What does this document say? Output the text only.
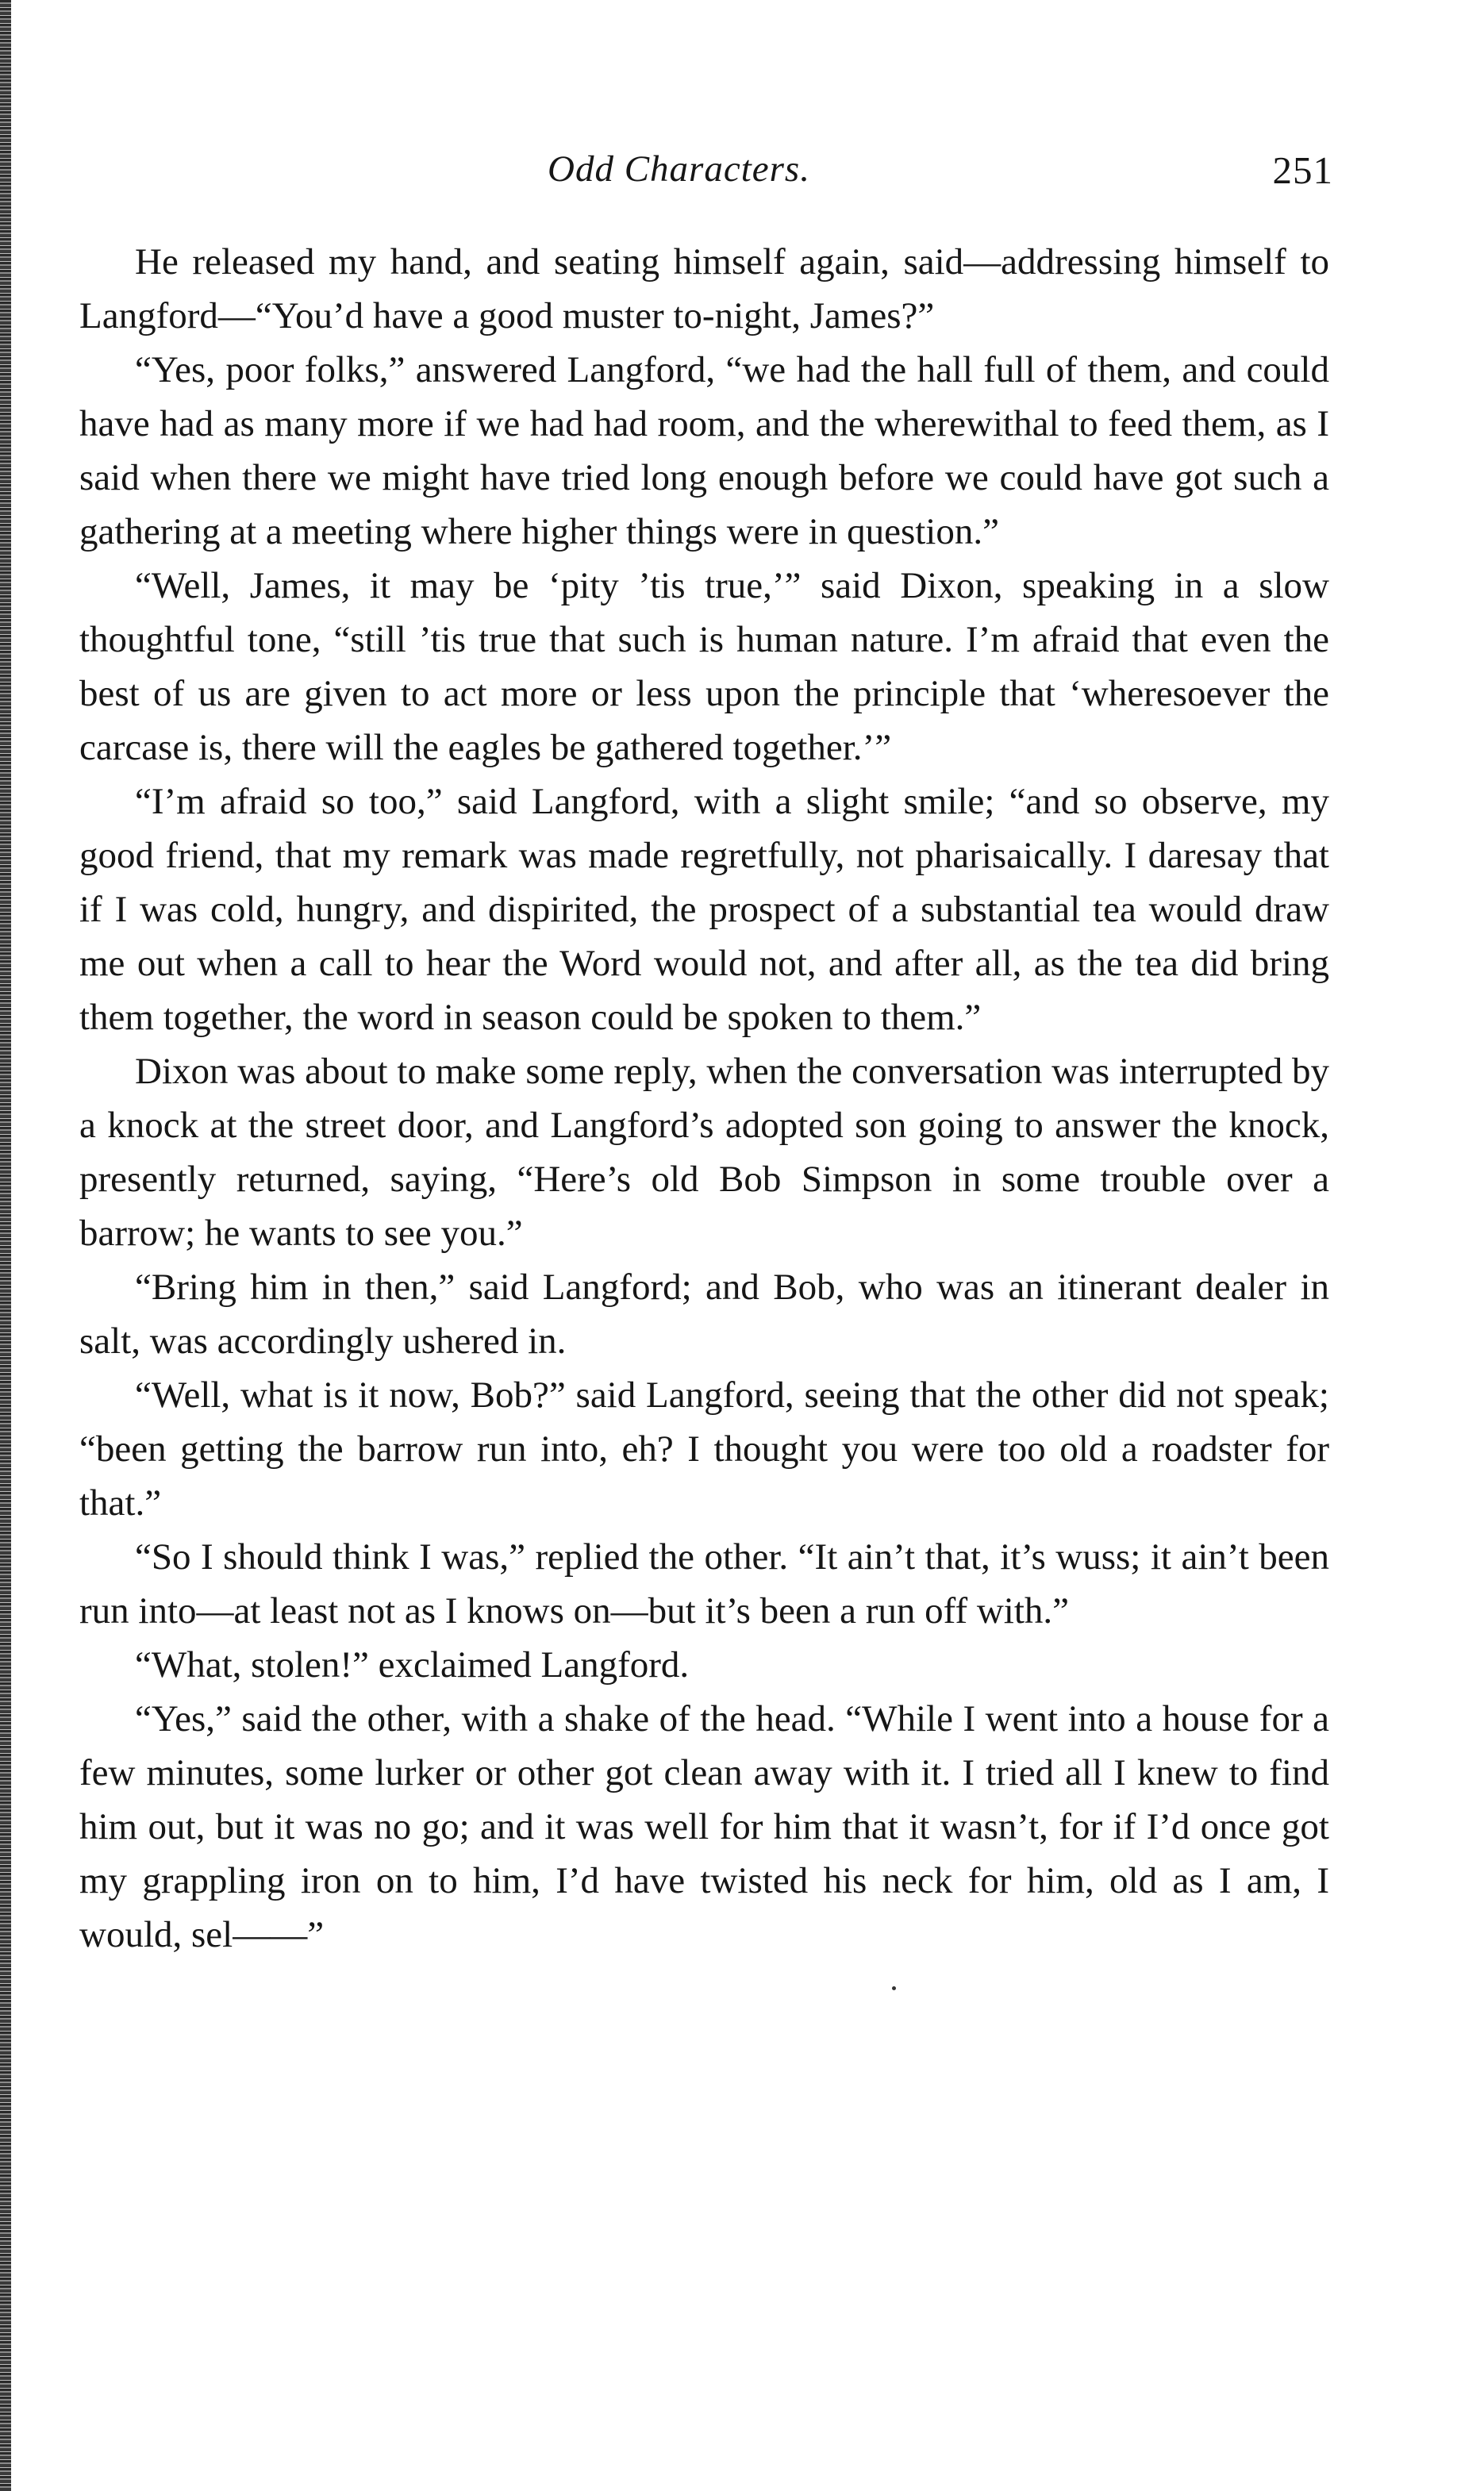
Odd Characters.	251

He released my hand, and seating himself again, said—addressing himself to Langford—“You’d have a good muster to-night, James?”

“Yes, poor folks,” answered Langford, “we had the hall full of them, and could have had as many more if we had had room, and the wherewithal to feed them, as I said when there we might have tried long enough before we could have got such a gathering at a meeting where higher things were in question.”

“Well, James, it may be ‘pity ’tis true,’” said Dixon, speaking in a slow thoughtful tone, “still ’tis true that such is human nature. I’m afraid that even the best of us are given to act more or less upon the principle that ‘wheresoever the carcase is, there will the eagles be gathered together.’”

“I’m afraid so too,” said Langford, with a slight smile; “and so observe, my good friend, that my remark was made regretfully, not pharisaically. I daresay that if I was cold, hungry, and dispirited, the prospect of a substantial tea would draw me out when a call to hear the Word would not, and after all, as the tea did bring them together, the word in season could be spoken to them.”

Dixon was about to make some reply, when the conversation was interrupted by a knock at the street door, and Langford’s adopted son going to answer the knock, presently returned, saying, “Here’s old Bob Simpson in some trouble over a barrow; he wants to see you.”

“Bring him in then,” said Langford; and Bob, who was an itinerant dealer in salt, was accordingly ushered in.

“Well, what is it now, Bob?” said Langford, seeing that the other did not speak; “been getting the barrow run into, eh? I thought you were too old a roadster for that.”

“So I should think I was,” replied the other. “It ain’t that, it’s wuss; it ain’t been run into—at least not as I knows on—but it’s been a run off with.”

“What, stolen!” exclaimed Langford.

“Yes,” said the other, with a shake of the head. “While I went into a house for a few minutes, some lurker or other got clean away with it. I tried all I knew to find him out, but it was no go; and it was well for him that it wasn’t, for if I’d once got my grappling iron on to him, I’d have twisted his neck for him, old as I am, I would, sel——”
